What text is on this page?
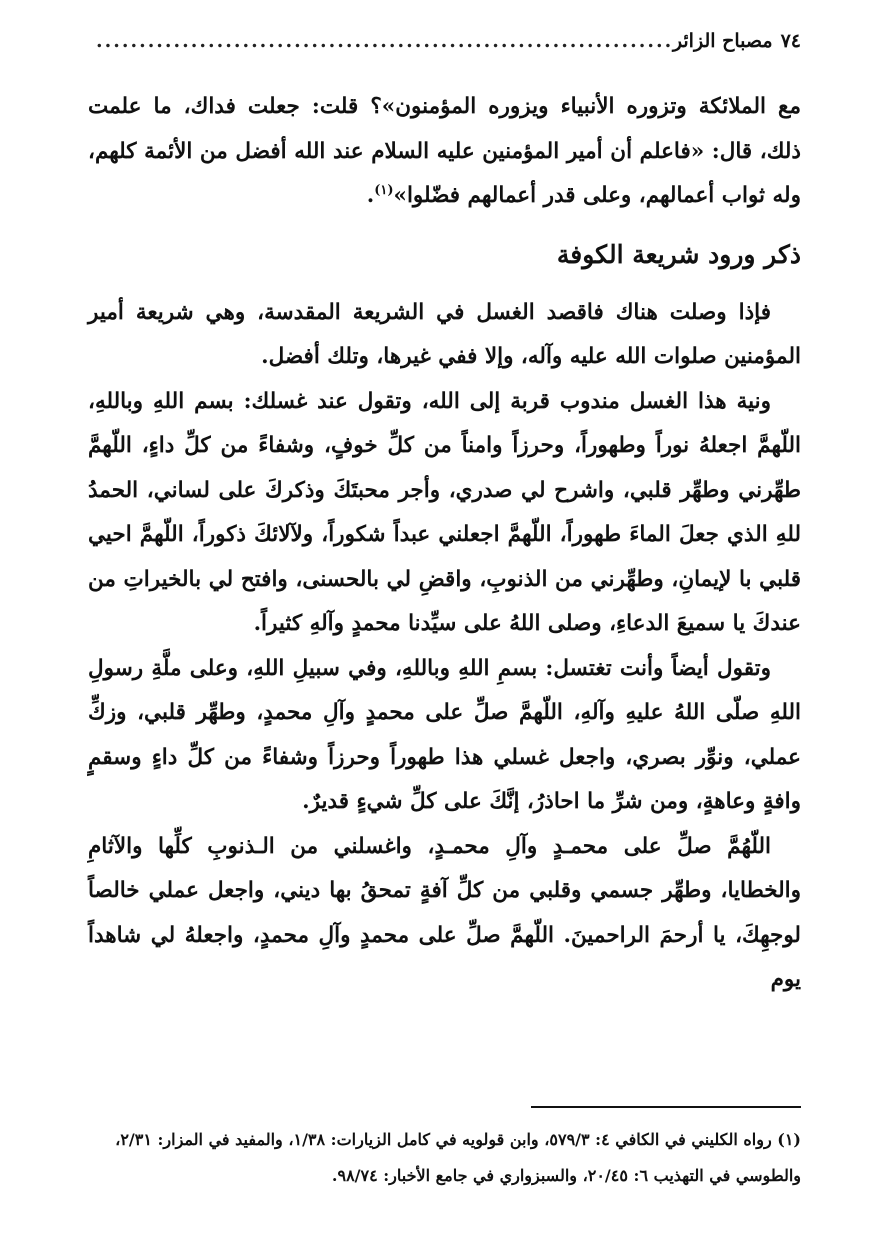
٧٤
مصباح الزائر
.....

مع الملائكة وتزوره الأنبياء ويزوره المؤمنون»؟ قلت: جعلت فداك، ما علمت ذلك، قال: «فاعلم أن أمير المؤمنين عليه السلام عند الله أفضل من الأئمة كلهم، وله ثواب أعمالهم، وعلى قدر أعمالهم فضّلوا»$^{(١)}$.

ذكر ورود شريعة الكوفة

فإذا وصلت هناك فاقصد الغسل في الشريعة المقدسة، وهي شريعة أمير المؤمنين صلوات الله عليه وآله، وإلا ففي غيرها، وتلك أفضل.

ونية هذا الغسل مندوب قربة إلى الله، وتقول عند غسلك: بسم اللهِ وباللهِ، اللّهمَّ اجعلهُ نوراً وطهوراً، وحرزاً وامناً من كلِّ خوفٍ، وشفاءً من كلِّ داءٍ، اللّهمَّ طهِّرني وطهِّر قلبي، واشرح لي صدري، وأجر محبتَكَ وذكركَ على لساني، الحمدُ للهِ الذي جعلَ الماءَ طهوراً، اللّهمَّ اجعلني عبداً شكوراً، ولآلائكَ ذكوراً، اللّهمَّ احيي قلبي با لإيمانِ، وطهِّرني من الذنوبِ، واقضِ لي بالحسنى، وافتح لي بالخيراتِ من عندكَ يا سميعَ الدعاءِ، وصلى اللهُ على سيِّدنا محمدٍ وآلهِ كثيراً.

وتقول أيضاً وأنت تغتسل: بسمِ اللهِ وباللهِ، وفي سبيلِ اللهِ، وعلى ملَّةِ رسولِ اللهِ صلّى اللهُ عليهِ وآلهِ، اللّهمَّ صلِّ على محمدٍ وآلِ محمدٍ، وطهِّر قلبي، وزكِّ عملي، ونوِّر بصري، واجعل غسلي هذا طهوراً وحرزاً وشفاءً من كلِّ داءٍ وسقمٍ وافةٍ وعاهةٍ، ومن شرِّ ما احاذرُ، إنَّكَ على كلِّ شيءٍ قديرٌ.

اللّهُمَّ صلِّ على محمـدٍ وآلِ محمـدٍ، واغسلني من الـذنوبِ كلِّها والآثامِ والخطايا، وطهِّر جسمي وقلبي من كلِّ آفةٍ تمحقُ بها ديني، واجعل عملي خالصاً لوجهِكَ، يا أرحمَ الراحمينَ. اللّهمَّ صلِّ على محمدٍ وآلِ محمدٍ، واجعلهُ لي شاهداً يوم

(١) رواه الكليني في الكافي ٤: ٥٧٩/٣، وابن قولويه في كامل الزيارات: ١/٣٨، والمفيد في المزار: ٢/٣١، والطوسي في التهذيب ٦: ٢٠/٤٥، والسبزواري في جامع الأخبار: ٩٨/٧٤.
